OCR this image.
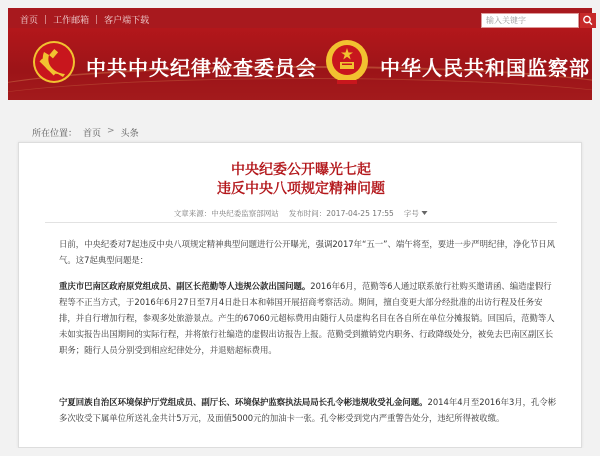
首页 | 工作邮箱 | 客户端下载	输入关键字
中共中央纪律检查委员会	中华人民共和国监察部
所在位置： 首页 > 头条
中央纪委公开曝光七起
违反中央八项规定精神问题
文章来源：中央纪委监察部网站 发布时间：2017-04-25 17:55 字号

日前，中央纪委对7起违反中央八项规定精神典型问题进行公开曝光，强调2017年“五一”、端午将至，要进一步严明纪律，净化节日风气。这7起典型问题是：

重庆市巴南区政府原党组成员、副区长范勤等人违规公款出国问题。2016年6月，范勤等6人通过联系旅行社购买邀请函、编造虚假行程等不正当方式，于2016年6月27日至7月4日赴日本和韩国开展招商考察活动。期间，擅自变更大部分经批准的出访行程及任务安排，并自行增加行程，参观多处旅游景点。产生的67060元超标费用由随行人员虚构名目在各自所在单位分摊报销。回国后，范勤等人未如实报告出国期间的实际行程，并将旅行社编造的虚假出访报告上报。范勤受到撤销党内职务、行政降级处分，被免去巴南区副区长职务；随行人员分别受到相应纪律处分，并退赔超标费用。

宁夏回族自治区环境保护厅党组成员、副厅长、环境保护监察执法局局长孔令彬违规收受礼金问题。2014年4月至2016年3月，孔令彬多次收受下属单位所送礼金共计5万元，及面值5000元的加油卡一张。孔令彬受到党内严重警告处分，违纪所得被收缴。
